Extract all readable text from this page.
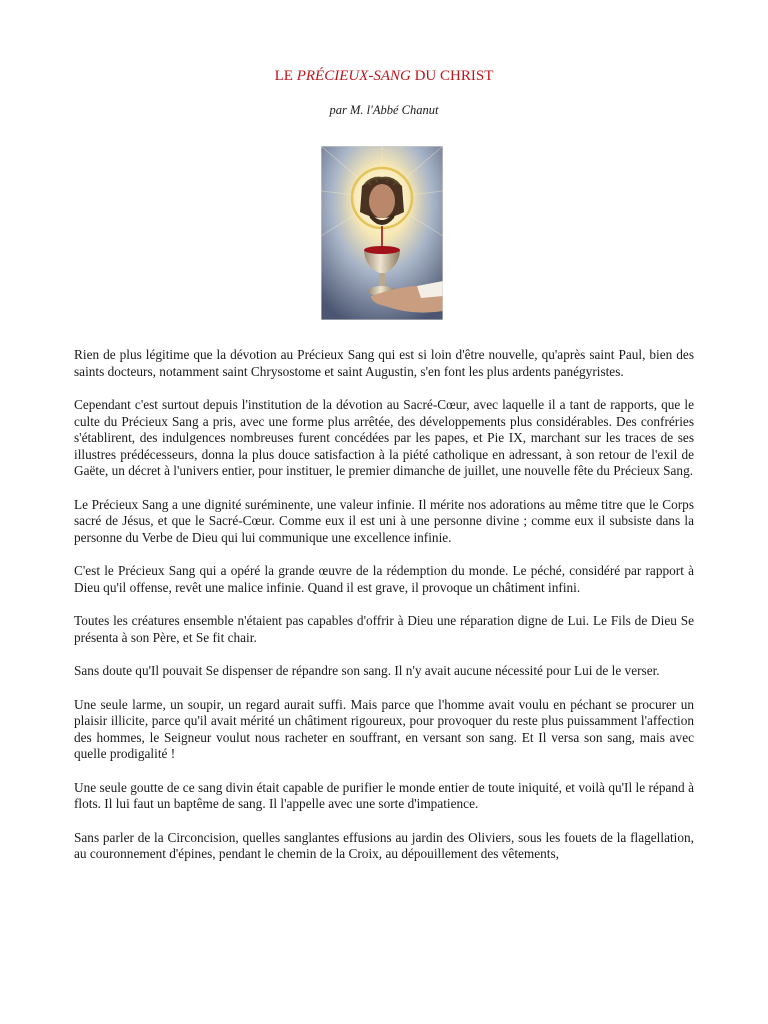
LE PRÉCIEUX-SANG DU CHRIST
par M. l'Abbé Chanut

Rien de plus légitime que la dévotion au Précieux Sang qui est si loin d'être nouvelle, qu'après saint Paul, bien des saints docteurs, notamment saint Chrysostome et saint Augustin, s'en font les plus ardents panégyristes.

Cependant c'est surtout depuis l'institution de la dévotion au Sacré-Cœur, avec laquelle il a tant de rapports, que le culte du Précieux Sang a pris, avec une forme plus arrêtée, des développements plus considérables. Des confréries s'établirent, des indulgences nombreuses furent concédées par les papes, et Pie IX, marchant sur les traces de ses illustres prédécesseurs, donna la plus douce satisfaction à la piété catholique en adressant, à son retour de l'exil de Gaëte, un décret à l'univers entier, pour instituer, le premier dimanche de juillet, une nouvelle fête du Précieux Sang.

Le Précieux Sang a une dignité suréminente, une valeur infinie. Il mérite nos adorations au même titre que le Corps sacré de Jésus, et que le Sacré-Cœur. Comme eux il est uni à une personne divine ; comme eux il subsiste dans la personne du Verbe de Dieu qui lui communique une excellence infinie.

C'est le Précieux Sang qui a opéré la grande œuvre de la rédemption du monde. Le péché, considéré par rapport à Dieu qu'il offense, revêt une malice infinie. Quand il est grave, il provoque un châtiment infini.

Toutes les créatures ensemble n'étaient pas capables d'offrir à Dieu une réparation digne de Lui. Le Fils de Dieu Se présenta à son Père, et Se fit chair.

Sans doute qu'Il pouvait Se dispenser de répandre son sang. Il n'y avait aucune nécessité pour Lui de le verser.

Une seule larme, un soupir, un regard aurait suffi. Mais parce que l'homme avait voulu en péchant se procurer un plaisir illicite, parce qu'il avait mérité un châtiment rigoureux, pour provoquer du reste plus puissamment l'affection des hommes, le Seigneur voulut nous racheter en souffrant, en versant son sang. Et Il versa son sang, mais avec quelle prodigalité !

Une seule goutte de ce sang divin était capable de purifier le monde entier de toute iniquité, et voilà qu'Il le répand à flots. Il lui faut un baptême de sang. Il l'appelle avec une sorte d'impatience.

Sans parler de la Circoncision, quelles sanglantes effusions au jardin des Oliviers, sous les fouets de la flagellation, au couronnement d'épines, pendant le chemin de la Croix, au dépouillement des vêtements,
